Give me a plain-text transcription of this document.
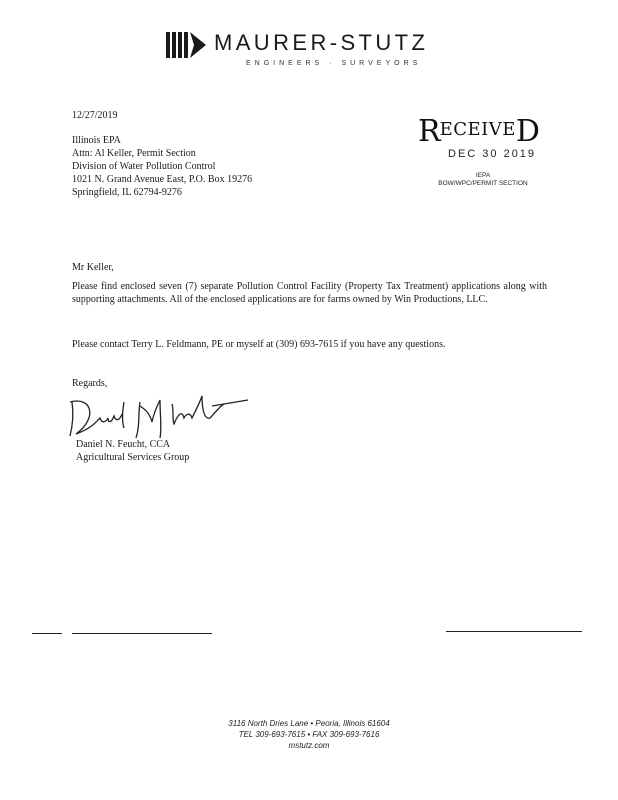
MAURER-STUTZ
ENGINEERS · SURVEYORS
12/27/2019
Illinois EPA
Attn: Al Keller, Permit Section
Division of Water Pollution Control
1021 N. Grand Avenue East, P.O. Box 19276
Springfield, IL 62794-9276
$R^{ECEIVE}D$
DEC 30 2019
IEPA
BOW/WPC/PERMIT SECTION
Mr Keller,
Please find enclosed seven (7) separate Pollution Control Facility (Property Tax Treatment) applications along with supporting attachments. All of the enclosed applications are for farms owned by Win Productions, LLC.
Please contact Terry L. Feldmann, PE or myself at (309) 693-7615 if you have any questions.
Regards,
Daniel N. Feucht, CCA
Agricultural Services Group
3116 North Dries Lane • Peoria, Illinois 61604
TEL 309-693-7615 • FAX 309-693-7616
mstutz.com
